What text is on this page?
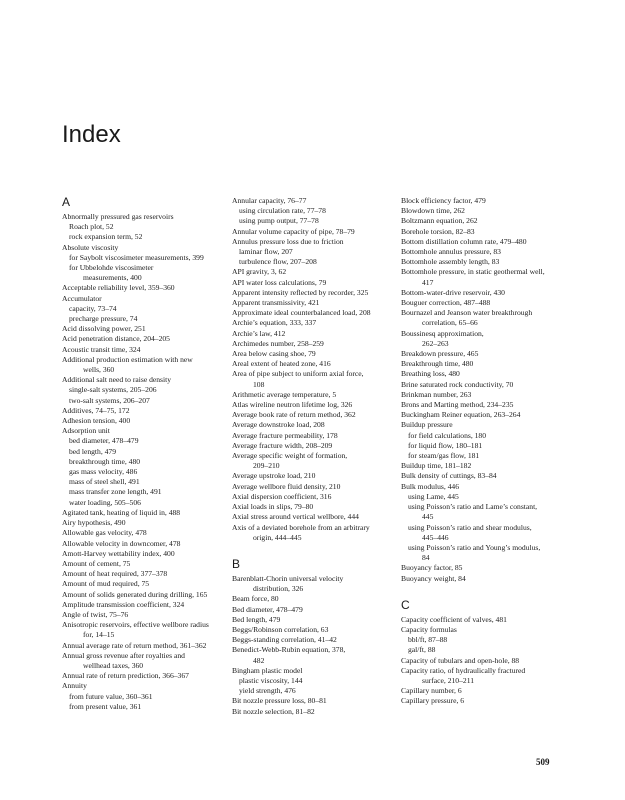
Index
A
Abnormally pressured gas reservoirs
Roach plot, 52
rock expansion term, 52
Absolute viscosity
for Saybolt viscosimeter measurements, 399
for Ubbelohde viscosimeter
measurements, 400
Acceptable reliability level, 359–360
Accumulator
capacity, 73–74
precharge pressure, 74
Acid dissolving power, 251
Acid penetration distance, 204–205
Acoustic transit time, 324
Additional production estimation with new
wells, 360
Additional salt need to raise density
single-salt systems, 205–206
two-salt systems, 206–207
Additives, 74–75, 172
Adhesion tension, 400
Adsorption unit
bed diameter, 478–479
bed length, 479
breakthrough time, 480
gas mass velocity, 486
mass of steel shell, 491
mass transfer zone length, 491
water loading, 505–506
Agitated tank, heating of liquid in, 488
Airy hypothesis, 490
Allowable gas velocity, 478
Allowable velocity in downcomer, 478
Amott-Harvey wettability index, 400
Amount of cement, 75
Amount of heat required, 377–378
Amount of mud required, 75
Amount of solids generated during drilling, 165
Amplitude transmission coefficient, 324
Angle of twist, 75–76
Anisotropic reservoirs, effective wellbore radius
for, 14–15
Annual average rate of return method, 361–362
Annual gross revenue after royalties and
wellhead taxes, 360
Annual rate of return prediction, 366–367
Annuity
from future value, 360–361
from present value, 361
Annular capacity, 76–77
using circulation rate, 77–78
using pump output, 77–78
Annular volume capacity of pipe, 78–79
Annulus pressure loss due to friction
laminar flow, 207
turbulence flow, 207–208
API gravity, 3, 62
API water loss calculations, 79
Apparent intensity reflected by recorder, 325
Apparent transmissivity, 421
Approximate ideal counterbalanced load, 208
Archie’s equation, 333, 337
Archie’s law, 412
Archimedes number, 258–259
Area below casing shoe, 79
Areal extent of heated zone, 416
Area of pipe subject to uniform axial force,
108
Arithmetic average temperature, 5
Atlas wireline neutron lifetime log, 326
Average book rate of return method, 362
Average downstroke load, 208
Average fracture permeability, 178
Average fracture width, 208–209
Average specific weight of formation,
209–210
Average upstroke load, 210
Average wellbore fluid density, 210
Axial dispersion coefficient, 316
Axial loads in slips, 79–80
Axial stress around vertical wellbore, 444
Axis of a deviated borehole from an arbitrary
origin, 444–445
B
Barenblatt-Chorin universal velocity
distribution, 326
Beam force, 80
Bed diameter, 478–479
Bed length, 479
Beggs/Robinson correlation, 63
Beggs-standing correlation, 41–42
Benedict-Webb-Rubin equation, 378,
482
Bingham plastic model
plastic viscosity, 144
yield strength, 476
Bit nozzle pressure loss, 80–81
Bit nozzle selection, 81–82
Block efficiency factor, 479
Blowdown time, 262
Boltzmann equation, 262
Borehole torsion, 82–83
Bottom distillation column rate, 479–480
Bottomhole annulus pressure, 83
Bottomhole assembly length, 83
Bottomhole pressure, in static geothermal well,
417
Bottom-water-drive reservoir, 430
Bouguer correction, 487–488
Bournazel and Jeanson water breakthrough
correlation, 65–66
Boussinesq approximation,
262–263
Breakdown pressure, 465
Breakthrough time, 480
Breathing loss, 480
Brine saturated rock conductivity, 70
Brinkman number, 263
Brons and Marting method, 234–235
Buckingham Reiner equation, 263–264
Buildup pressure
for field calculations, 180
for liquid flow, 180–181
for steam/gas flow, 181
Buildup time, 181–182
Bulk density of cuttings, 83–84
Bulk modulus, 446
using Lame, 445
using Poisson’s ratio and Lame’s constant,
445
using Poisson’s ratio and shear modulus,
445–446
using Poisson’s ratio and Young’s modulus,
84
Buoyancy factor, 85
Buoyancy weight, 84
C
Capacity coefficient of valves, 481
Capacity formulas
bbl/ft, 87–88
gal/ft, 88
Capacity of tubulars and open-hole, 88
Capacity ratio, of hydraulically fractured
surface, 210–211
Capillary number, 6
Capillary pressure, 6
509
